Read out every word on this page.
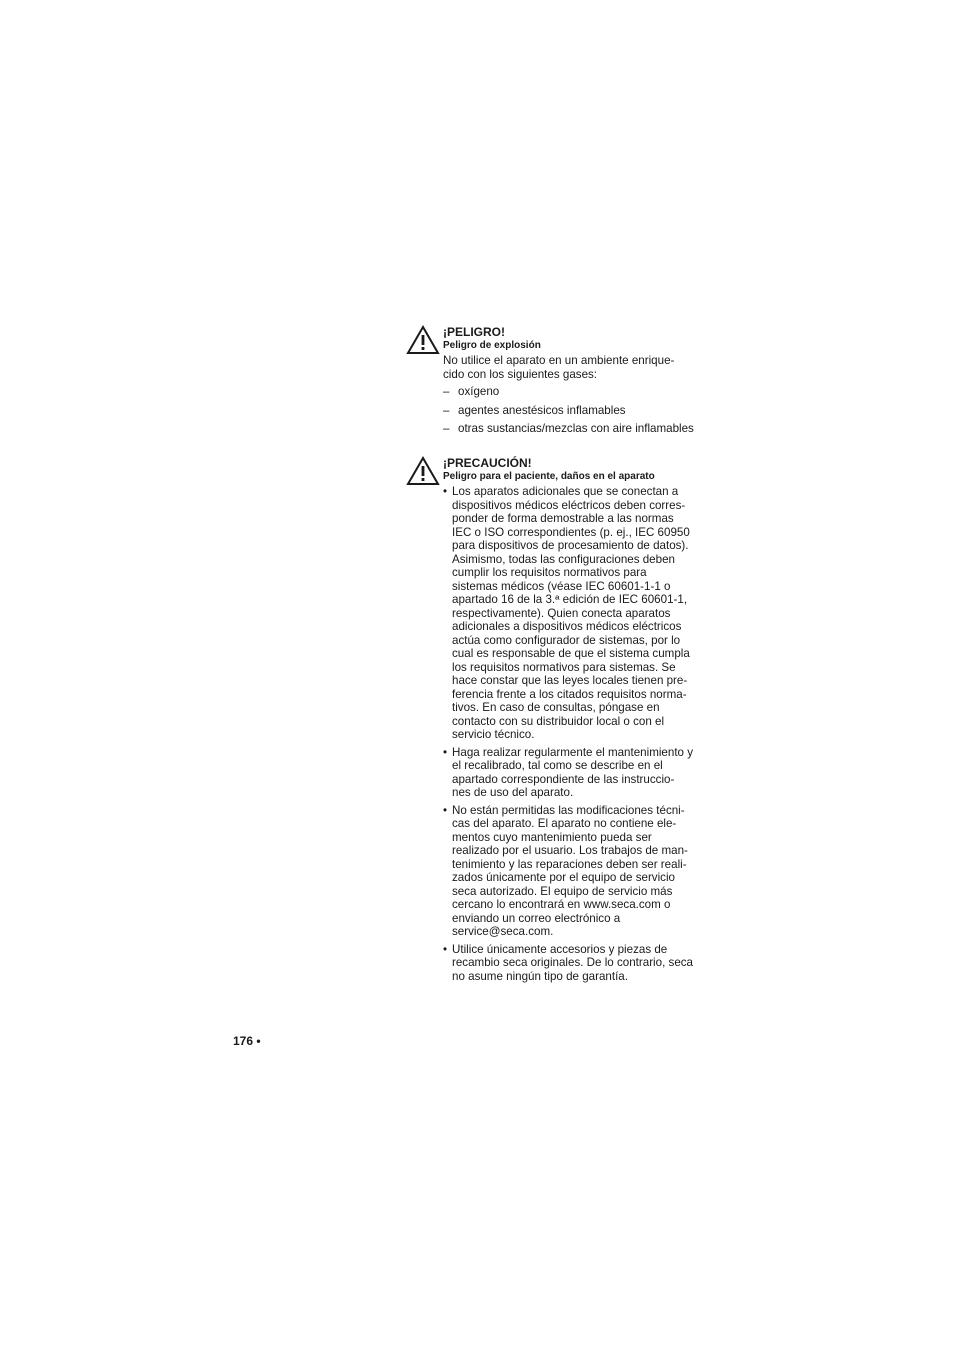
¡PELIGRO!

Peligro de explosión

No utilice el aparato en un ambiente enrique- cido con los siguientes gases:

– oxígeno
– agentes anestésicos inflamables
– otras sustancias/mezclas con aire inflamables

¡PRECAUCIÓN!

Peligro para el paciente, daños en el aparato

• Los aparatos adicionales que se conectan a dispositivos médicos eléctricos deben corres- ponder de forma demostrable a las normas IEC o ISO correspondientes (p. ej., IEC 60950 para dispositivos de procesamiento de datos). Asimismo, todas las configuraciones deben cumplir los requisitos normativos para sistemas médicos (véase IEC 60601-1-1 o apartado 16 de la 3.ª edición de IEC 60601-1, respectivamente). Quien conecta aparatos adicionales a dispositivos médicos eléctricos actúa como configurador de sistemas, por lo cual es responsable de que el sistema cumpla los requisitos normativos para sistemas. Se hace constar que las leyes locales tienen pre- ferencia frente a los citados requisitos norma- tivos. En caso de consultas, póngase en contacto con su distribuidor local o con el servicio técnico.
• Haga realizar regularmente el mantenimiento y el recalibrado, tal como se describe en el apartado correspondiente de las instruccio- nes de uso del aparato.
• No están permitidas las modificaciones técni- cas del aparato. El aparato no contiene ele- mentos cuyo mantenimiento pueda ser realizado por el usuario. Los trabajos de man- tenimiento y las reparaciones deben ser reali- zados únicamente por el equipo de servicio seca autorizado. El equipo de servicio más cercano lo encontrará en www.seca.com o enviando un correo electrónico a service@seca.com.
• Utilice únicamente accesorios y piezas de recambio seca originales. De lo contrario, seca no asume ningún tipo de garantía.
176 •
